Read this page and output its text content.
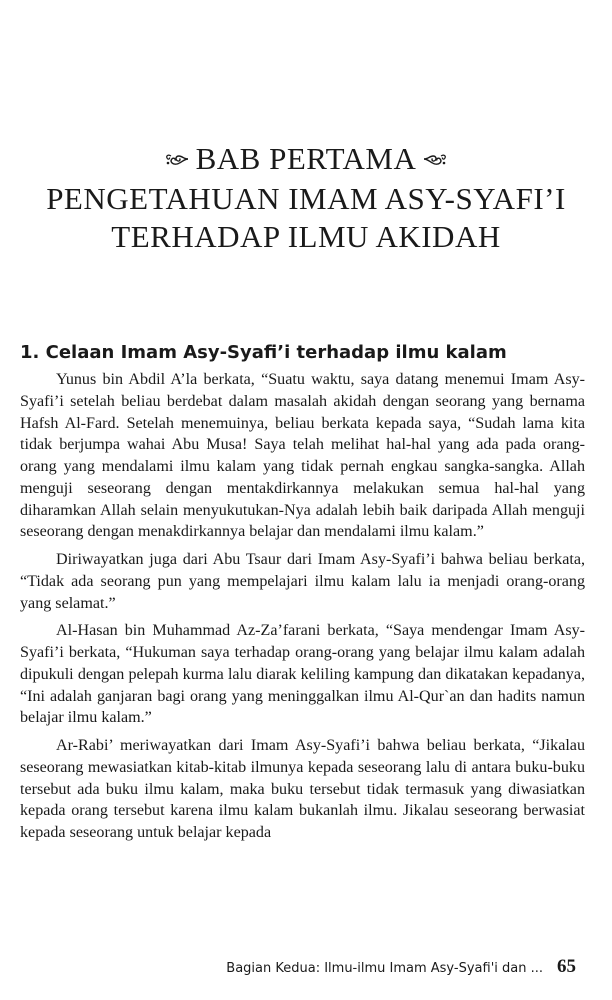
BAB PERTAMA
PENGETAHUAN IMAM ASY-SYAFI’I
TERHADAP ILMU AKIDAH
1. Celaan Imam Asy-Syafi’i terhadap ilmu kalam

Yunus bin Abdil A’la berkata, “Suatu waktu, saya datang menemui Imam Asy-Syafi’i setelah beliau berdebat dalam masalah akidah dengan seorang yang bernama Hafsh Al-Fard. Setelah menemuinya, beliau berkata kepada saya, “Sudah lama kita tidak berjumpa wahai Abu Musa! Saya telah melihat hal-hal yang ada pada orang-orang yang mendalami ilmu kalam yang tidak pernah engkau sangka-sangka. Allah menguji seseorang dengan mentakdirkannya melakukan semua hal-hal yang diharamkan Allah selain menyukutukan-Nya adalah lebih baik daripada Allah menguji seseorang dengan menakdirkannya belajar dan mendalami ilmu kalam.”

Diriwayatkan juga dari Abu Tsaur dari Imam Asy-Syafi’i bahwa beliau berkata, “Tidak ada seorang pun yang mempelajari ilmu kalam lalu ia menjadi orang-orang yang selamat.”

Al-Hasan bin Muhammad Az-Za’farani berkata, “Saya mendengar Imam Asy-Syafi’i berkata, “Hukuman saya terhadap orang-orang yang belajar ilmu kalam adalah dipukuli dengan pelepah kurma lalu diarak keliling kampung dan dikatakan kepadanya, “Ini adalah ganjaran bagi orang yang meninggalkan ilmu Al-Qur`an dan hadits namun belajar ilmu kalam.”

Ar-Rabi’ meriwayatkan dari Imam Asy-Syafi’i bahwa beliau berkata, “Jikalau seseorang mewasiatkan kitab-kitab ilmunya kepada seseorang lalu di antara buku-buku tersebut ada buku ilmu kalam, maka buku tersebut tidak termasuk yang diwasiatkan kepada orang tersebut karena ilmu kalam bukanlah ilmu. Jikalau seseorang berwasiat kepada seseorang untuk belajar kepada

Bagian Kedua: Ilmu-ilmu Imam Asy-Syafi'i dan ... 65
